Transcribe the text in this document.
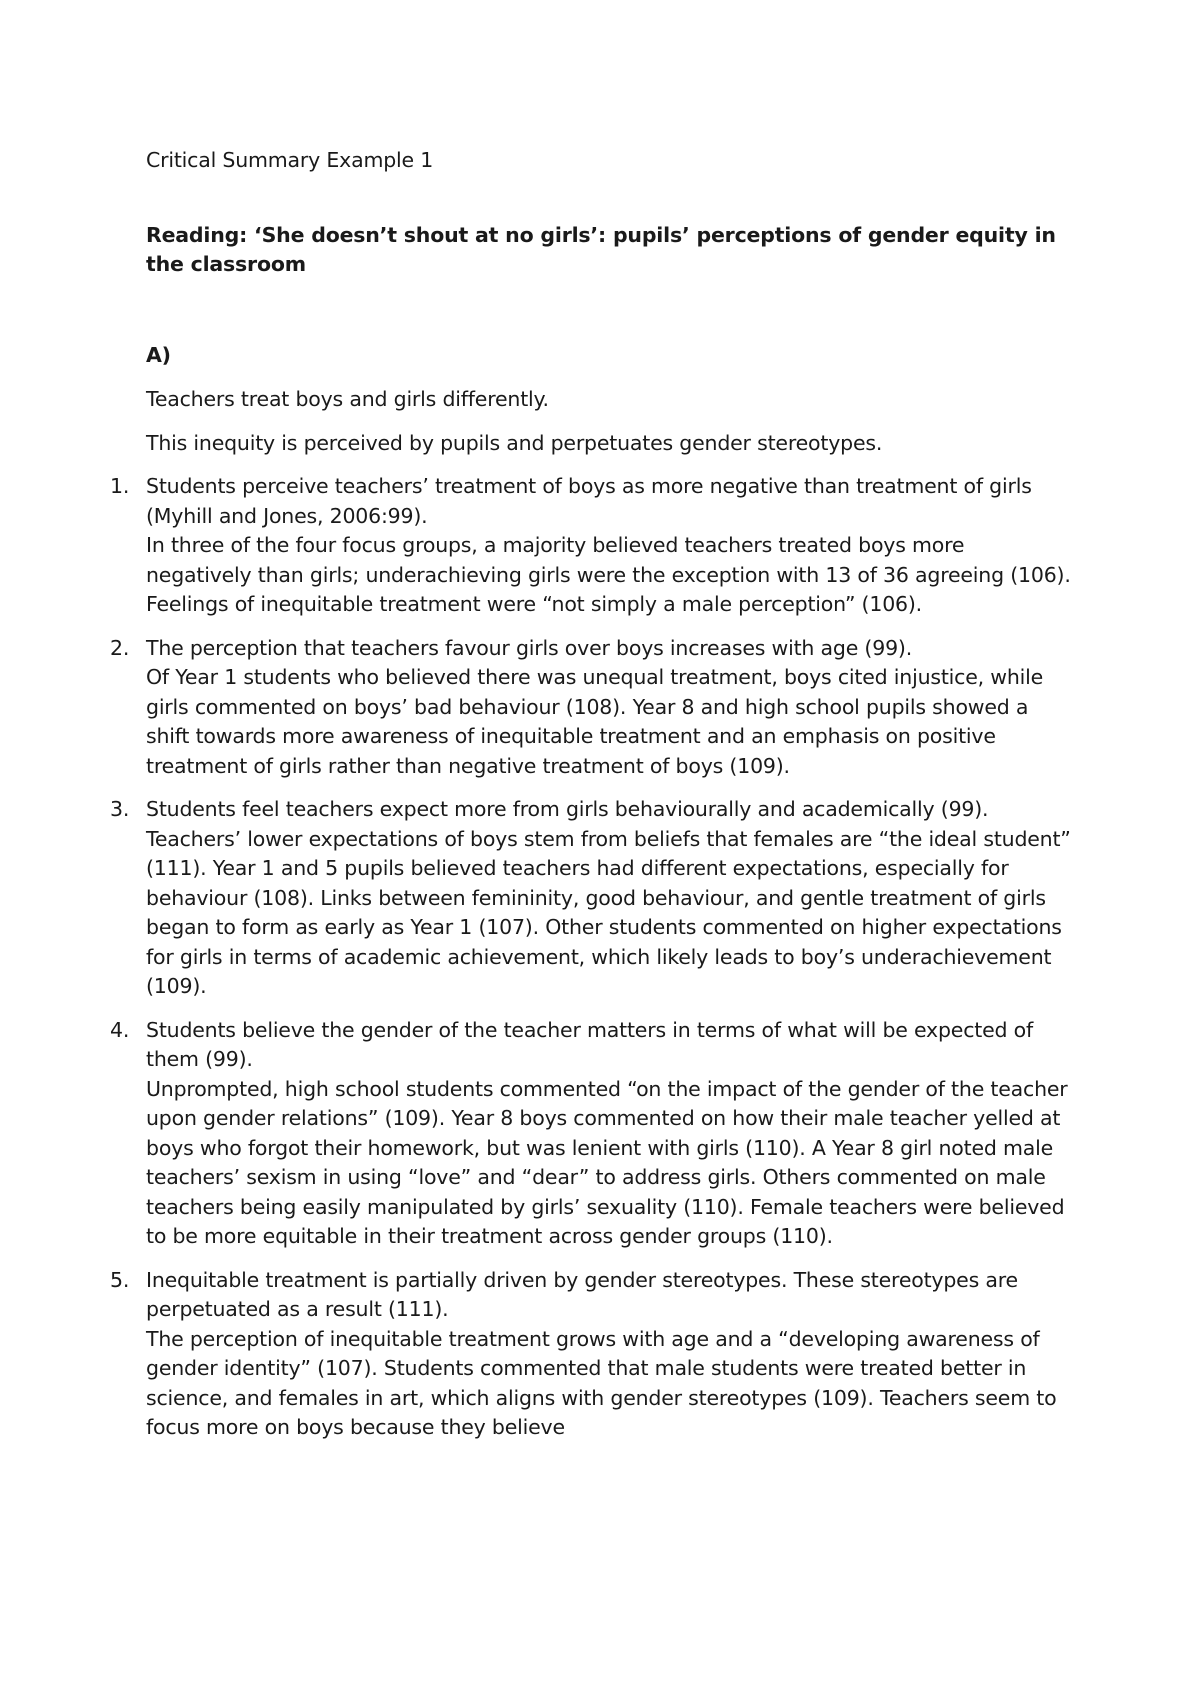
Critical Summary Example 1
Reading: ‘She doesn’t shout at no girls’: pupils’ perceptions of gender equity in the classroom
A)
Teachers treat boys and girls differently.
This inequity is perceived by pupils and perpetuates gender stereotypes.
1. Students perceive teachers’ treatment of boys as more negative than treatment of girls (Myhill and Jones, 2006:99).
In three of the four focus groups, a majority believed teachers treated boys more negatively than girls; underachieving girls were the exception with 13 of 36 agreeing (106). Feelings of inequitable treatment were “not simply a male perception” (106).
2. The perception that teachers favour girls over boys increases with age (99).
Of Year 1 students who believed there was unequal treatment, boys cited injustice, while girls commented on boys’ bad behaviour (108). Year 8 and high school pupils showed a shift towards more awareness of inequitable treatment and an emphasis on positive treatment of girls rather than negative treatment of boys (109).
3. Students feel teachers expect more from girls behaviourally and academically (99).
Teachers’ lower expectations of boys stem from beliefs that females are “the ideal student” (111). Year 1 and 5 pupils believed teachers had different expectations, especially for behaviour (108). Links between femininity, good behaviour, and gentle treatment of girls began to form as early as Year 1 (107). Other students commented on higher expectations for girls in terms of academic achievement, which likely leads to boy’s underachievement (109).
4. Students believe the gender of the teacher matters in terms of what will be expected of them (99).
Unprompted, high school students commented “on the impact of the gender of the teacher upon gender relations” (109). Year 8 boys commented on how their male teacher yelled at boys who forgot their homework, but was lenient with girls (110). A Year 8 girl noted male teachers’ sexism in using “love” and “dear” to address girls. Others commented on male teachers being easily manipulated by girls’ sexuality (110). Female teachers were believed to be more equitable in their treatment across gender groups (110).
5. Inequitable treatment is partially driven by gender stereotypes. These stereotypes are perpetuated as a result (111).
The perception of inequitable treatment grows with age and a “developing awareness of gender identity” (107). Students commented that male students were treated better in science, and females in art, which aligns with gender stereotypes (109). Teachers seem to focus more on boys because they believe
